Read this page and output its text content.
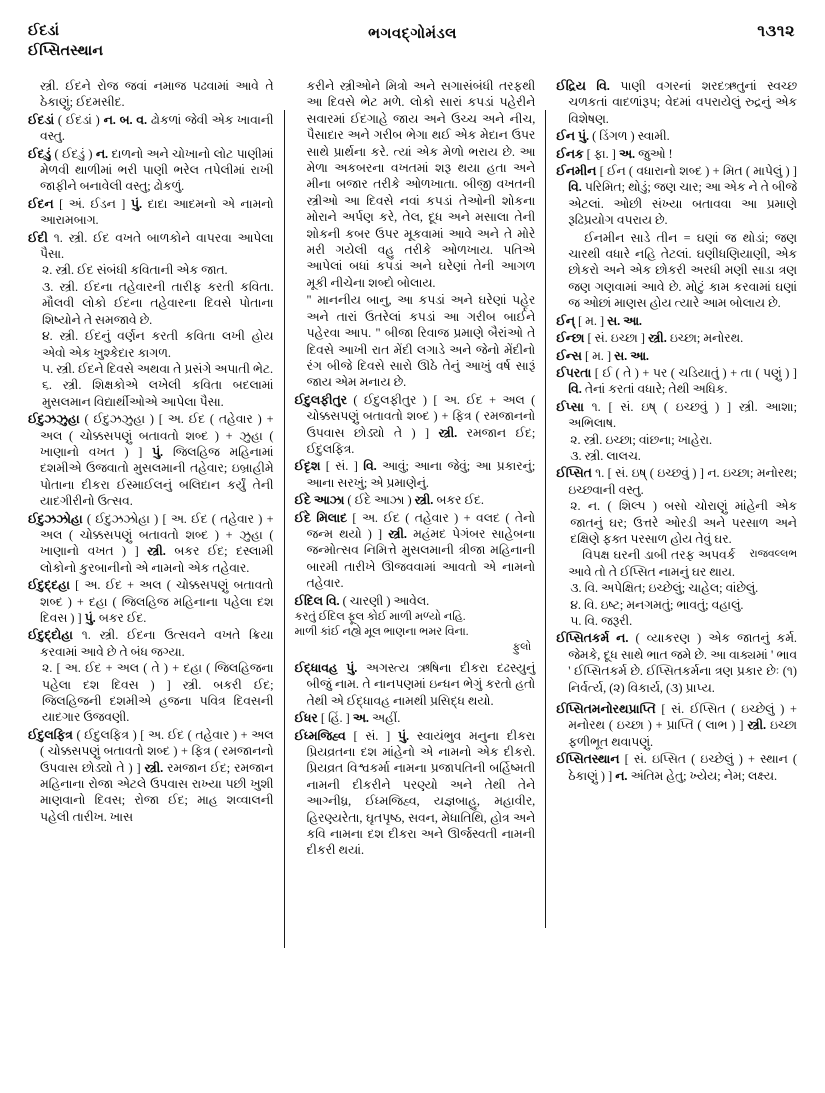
ઈદડાં
ઈપ્સિતસ્થાન
ભગવદ્ગોમંડલ	૧૩૧૨

સ્ત્રી. ઈદને રોજ જવાં નમાજ પઢવામાં આવે તે ઠેકાણું; ઈદમસીદ.

ઈદડાં ( ઈદડાં ) ન. બ. વ. ઢોકળાં જેવી એક ખાવાની વસ્તુ.

ઈદડું ( ઈદડું ) ન. દાળનો અને ચોખાનો લોટ પાણીમાં મેળવી થાળીમાં ભરી પાણી ભરેલ તપેલીમાં રાખી જાફીને બનાવેલી વસ્તુ; ઢોકળું.

ઈદન [ અં. ઈડન ] પું. દાદા આદમનો એ નામનો આરામબાગ.

ઈદી ૧. સ્ત્રી. ઈદ વખતે બાળકોને વાપરવા આપેલા પૈસા.

૨. સ્ત્રી. ઈદ સંબંધી કવિતાની એક જાત.

૩. સ્ત્રી. ઈદના તહેવારની તારીફ કરતી કવિતા. મૌલવી લોકો ઈદના તહેવારના દિવસે પોતાના શિષ્યોને તે સમજાવે છે.

૪. સ્ત્રી. ઈદનું વર્ણન કરતી કવિતા લખી હોય એવો એક ખુશ્કેદાર કાગળ.

૫. સ્ત્રી. ઈદને દિવસે અથવા તે પ્રસંગે અપાતી ભેટ.

૬. સ્ત્રી. શિક્ષકોએ લખેલી કવિતા બદલામાં મુસલમાન વિદ્યાર્થીઓએ આપેલા પૈસા.

ઈદુઝઝુહા ( ઈદુઝઝુહા ) [ અ. ઈદ ( તહેવાર ) + અલ ( ચોક્કસપણું બતાવતો શબ્દ ) + ઝુહા ( ખાણાનો વખત ) ] પું. જિલહિજ મહિનામાં દશમીએ ઉજવાતો મુસલમાની તહેવાર; ઇબ્રાહીમે પોતાના દીકરા ઈસ્માઈલનું બલિદાન કર્યું તેની યાદગીરીનો ઉત્સવ.

ઈદુઝઝોહા ( ઈદુઝઝોહા ) [ અ. ઈદ ( તહેવાર ) + અલ ( ચોક્કસપણું બતાવતો શબ્દ ) + ઝુહા ( ખાણાનો વખત ) ] સ્ત્રી. બકર ઈદ; દસ્લામી લોકોનો કુરબાનીનો એ નામનો એક તહેવાર.

ઈદુદ્દહા [ અ. ઈદ + અલ ( ચોક્કસપણું બતાવતો શબ્દ ) + દહા ( જિલહિજ મહિનાના પહેલા દશ દિવસ ) ] પું. બકર ઈદ.

ઈદુદ્દોહા ૧. સ્ત્રી. ઈદના ઉત્સવને વખતે ક્રિયા કરવામાં આવે છે તે બંધ જગ્યા.

૨. [ અ. ઈદ + અલ ( તે ) + દહા ( જિલહિજના પહેલા દશ દિવસ ) ] સ્ત્રી. બકરી ઈદ; જિલહિજની દશમીએ હજના પવિત્ર દિવસની યાદગાર ઉજવણી.

ઈદુલફિત્ર ( ઈદુલફિત્ર ) [ અ. ઈદ ( તહેવાર ) + અલ ( ચોક્કસપણું બતાવતો શબ્દ ) + ફિત્ર ( રમજાનનો ઉપવાસ છોડ્યો તે ) ] સ્ત્રી. રમજાન ઈદ; રમજાન મહિનાના રોજા એટલે ઉપવાસ રાખ્યા પછી ખુશી માણવાનો દિવસ; રોજા ઈદ; માહ શવ્વાલની પહેલી તારીખ. ખાસ

કરીને સ્ત્રીઓને મિત્રો અને સગાસંબંધી તરફથી આ દિવસે ભેટ મળે. લોકો સારાં કપડાં પહેરીને સવારમાં ઈદગાહે જાય અને ઉચ્ચ અને નીચ, પૈસાદાર અને ગરીબ ભેગા થઈ એક મેદાન ઉપર સાથે પ્રાર્થના કરે. ત્યાં એક મેળો ભરાય છે. આ મેળા અકબરના વખતમાં શરૂ થયા હતા અને મીના બજાર તરીકે ઓળખાતા. બીજી વખતની સ્ત્રીઓ આ દિવસે નવાં કપડાં તેઓની શોકના મોરાને અર્પણ કરે, તેલ, દૂધ અને મસાલા તેની શોકની કબર ઉપર મૂકવામાં આવે અને તે મોરે મરી ગયેલી વહુ તરીકે ઓળખાય. પતિએ આપેલાં બધાં કપડાં અને ઘરેણાં તેની આગળ મૂકી નીચેના શબ્દો બોલાય.

" માનનીય બાનુ, આ કપડાં અને ઘરેણાં પહેર અને તારાં ઉતરેલાં કપડાં આ ગરીબ બાર્ઈને પહેરવા આપ. " બીજા રિવાજ પ્રમાણે બૈરાંઓ તે દિવસે આખી રાત મેંદી લગાડે અને જેનો મેંદીનો રંગ બીજે દિવસે સારો ઊઠે તેનું આખું વર્ષ સારૂં જાય એમ મનાય છે.

ઈદુલફીતુર ( ઈદુલફીતુર ) [ અ. ઈદ + અલ ( ચોક્કસપણું બતાવતો શબ્દ ) + ફિત્ર ( રમજાનનો ઉપવાસ છોડ્યો તે ) ] સ્ત્રી. રમજાન ઈદ; ઈદુલફિત્ર.

ઈદૃશ [ સં. ] વિ. આવું; આના જેવું; આ પ્રકારનું; આના સરખું; એ પ્રમાણેનું.

ઈદે આઝા ( ઈદે આઝા ) સ્ત્રી. બકર ઈદ.

ઈદે મિલાદ [ અ. ઈદ ( તહેવાર ) + વલદ ( તેનો જન્મ થયો ) ] સ્ત્રી. મહંમદ પેગંબર સાહેબના જન્મોત્સવ નિમિત્તે મુસલમાની ત્રીજા મહિનાની બારમી તારીખે ઊજવવામાં આવતો એ નામનો તહેવાર.

ઈદિલ વિ. ( ચારણી ) આવેલ.

કરતું ઈદિલ ફૂલ કોઈ માળી મળ્યો નહિ.

માળી કાંઈ નહ્યે મૂલ ભાણના ભમર વિના.

ફુલો

ઈદ્ધાવહ પું. અગસ્ત્ય ઋષિના દીકરા દઢસ્યુનું બીજું નામ. તે નાનપણમાં ઇન્ધન ભેગું કરતો હતો તેથી એ ઈદ્ધાવહ નામથી પ્રસિદ્ધ થયો.

ઈધર [ હિં. ] અ. અહીં.

ઈધ્મજિહ્વ [ સં. ] પું. સ્વાયંભુવ મનુના દીકરા પ્રિયવ્રતના દશ માંહેનો એ નામનો એક દીકરો. પ્રિયવ્રત વિશ્વકર્મા નામના પ્રજાપતિની બર્હિષ્મતી નામની દીકરીને પરણ્યો અને તેથી તેને આગ્નીધ્ર, ઈધ્મજિહ્વ, યજ્ઞબાહુ, મહાવીર, હિરણ્યરેતા, ઘૃતપૃષ્ઠ, સવન, મેધાતિથિ, હોત્ર અને કવિ નામના દશ દીકરા અને ઊર્જસ્વતી નામની દીકરી થયાં.

ઈદ્રિય વિ. પાણી વગરનાં શરદઋતુનાં સ્વચ્છ ચળકતાં વાદળાંરૂપ; વેદમાં વપરાયેલું રુદ્રનું એક વિશેષણ.

ઈન પું. ( ડિંગળ ) સ્વામી.

ઈનક [ ફા. ] અ. જુઓ !

ઈનમીન [ ઈન ( વધારાનો શબ્દ ) + મિત ( માપેલું ) ] વિ. પરિમિત; થોડું; જણ ચાર; આ એક ને તે બીજે એટલાં. ઓછી સંખ્યા બતાવવા આ પ્રમાણે રૂઢિપ્રયોગ વપરાય છે.

ઈનમીન સાડે તીન = ઘણાં જ થોડાં; જણ ચારથી વધારે નહિ તેટલાં. ઘણીધણિયાણી, એક છોકરો અને એક છોકરી અરધી મણી સાડા ત્રણ જણ ગણવામાં આવે છે. મોટું કામ કરવામાં ઘણાં જ ઓછાં માણસ હોય ત્યારે આમ બોલાય છે.

ઈન્ [ મ. ] સ. આ.

ઈન્છા [ સં. ઇચ્છા ] સ્ત્રી. ઇચ્છા; મનોરથ.

ઈન્સ [ મ. ] સ. આ.

ઈપરતા [ ઈ ( તે ) + પર ( ચડિયાતું ) + તા ( પણું ) ] વિ. તેનાં કરતાં વધારે; તેથી અધિક.

ઈપ્સા ૧. [ સં. ઇષ્ ( ઇચ્છવું ) ] સ્ત્રી. આશા; અભિલાષ.

૨. સ્ત્રી. ઇચ્છા; વાંછના; ખાહેરા.

૩. સ્ત્રી. લાલચ.

ઈપ્સિત ૧. [ સં. ઇષ્ ( ઇચ્છવું ) ] ન. ઇચ્છા; મનોરથ; ઇચ્છવાની વસ્તુ.

૨. ન. ( શિલ્પ ) બસો ચોરાણું માંહેની એક જાતનું ઘર; ઉત્તરે ઓરડી અને પરસાળ અને દક્ષિણે ફક્ત પરસાળ હોય તેવું ઘર.

રાજવલ્લભ
વિપક્ષ ઘરની ડાબી તરફ અપવર્ક આવે તો તે ઈપ્સિત નામનું ઘર થાય.

૩. વિ. અપેક્ષિત; ઇચ્છેલું; ચાહેલ; વાંછેલું.

૪. વિ. ઇષ્ટ; મનગમતું; ભાવતું; વહાલું.

૫. વિ. જરૂરી.

ઈપ્સિતકર્મ ન. ( વ્યાકરણ ) એક જાતનું કર્મ. જેમકે, દૂધ સાથે ભાત જમે છે. આ વાક્યમાં ' ભાવ ' ઈપ્સિતકર્મ છે. ઈપ્સિતકર્મના ત્રણ પ્રકાર છેઃ (૧) નિર્વર્ત્ય, (૨) વિકાર્ય, (૩) પ્રાપ્ય.

ઈપ્સિતમનોરથપ્રાપ્તિ [ સં. ઈપ્સિત ( ઇચ્છેલું ) + મનોરથ ( ઇચ્છા ) + પ્રાપ્તિ ( લાભ ) ] સ્ત્રી. ઇચ્છા ફળીભૂત થવાપણું.

ઈપ્સિતસ્થાન [ સં. ઇપ્સિત ( ઇચ્છેલું ) + સ્થાન ( ઠેકાણું ) ] ન. અંતિમ હેતુ; ખ્યેય; નેમ; લક્ષ્ય.
